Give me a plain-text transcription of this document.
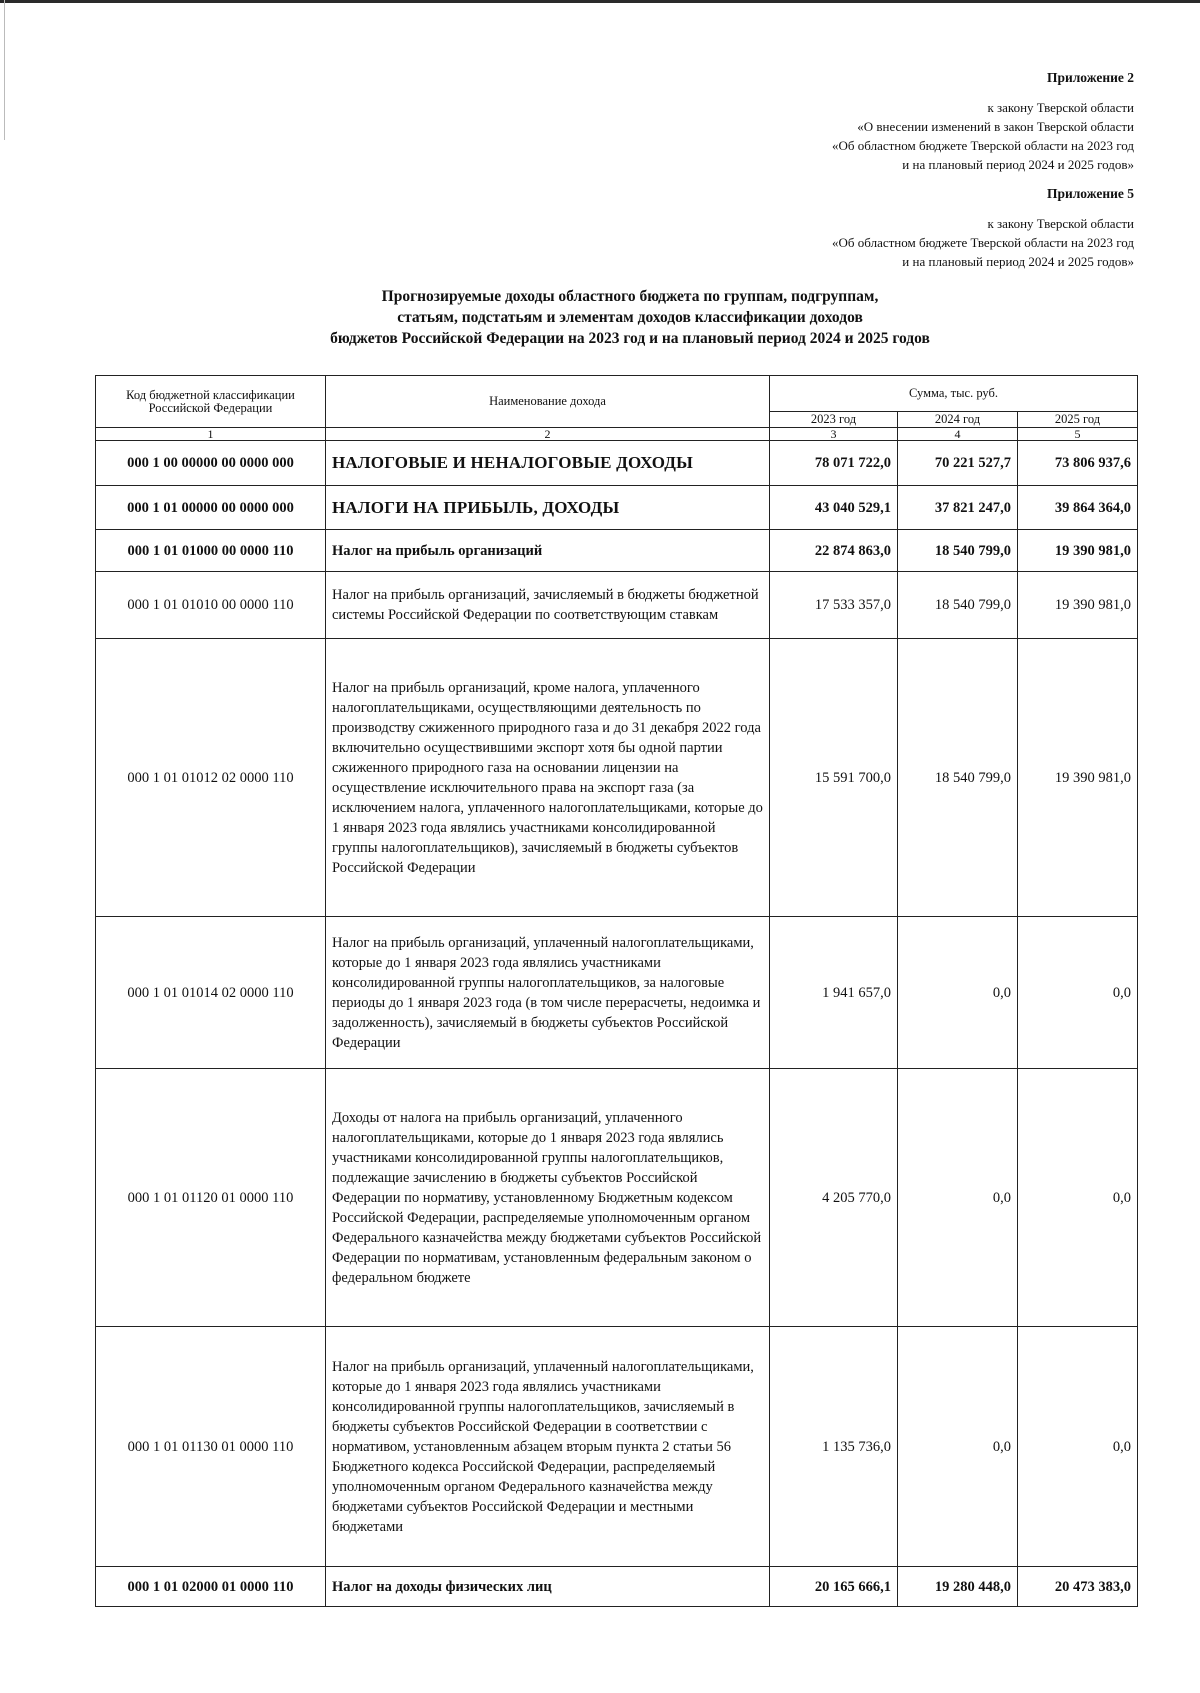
Приложение 2
к закону Тверской области
«О внесении изменений в закон Тверской области
«Об областном бюджете Тверской области на 2023 год
и на плановый период 2024 и 2025 годов»
Приложение 5
к закону Тверской области
«Об областном бюджете Тверской области на 2023 год
и на плановый период 2024 и 2025 годов»
Прогнозируемые доходы областного бюджета по группам, подгруппам,
статьям, подстатьям и элементам доходов классификации доходов
бюджетов Российской Федерации на 2023 год и на плановый период 2024 и 2025 годов
Код бюджетной классификации Российской Федерации	Наименование дохода	Сумма, тыс. руб.		
		2023 год	2024 год	2025 год
1	2	3	4	5
000 1 00 00000 00 0000 000	НАЛОГОВЫЕ И НЕНАЛОГОВЫЕ ДОХОДЫ	78 071 722,0	70 221 527,7	73 806 937,6
000 1 01 00000 00 0000 000	НАЛОГИ НА ПРИБЫЛЬ, ДОХОДЫ	43 040 529,1	37 821 247,0	39 864 364,0
000 1 01 01000 00 0000 110	Налог на прибыль организаций	22 874 863,0	18 540 799,0	19 390 981,0
000 1 01 01010 00 0000 110	Налог на прибыль организаций, зачисляемый в бюджеты бюджетной системы Российской Федерации по соответствующим ставкам	17 533 357,0	18 540 799,0	19 390 981,0
000 1 01 01012 02 0000 110	Налог на прибыль организаций, кроме налога, уплаченного налогоплательщиками, осуществляющими деятельность по производству сжиженного природного газа и до 31 декабря 2022 года включительно осуществившими экспорт хотя бы одной партии сжиженного природного газа на основании лицензии на осуществление исключительного права на экспорт газа (за исключением налога, уплаченного налогоплательщиками, которые до 1 января 2023 года являлись участниками консолидированной группы налогоплательщиков), зачисляемый в бюджеты субъектов Российской Федерации	15 591 700,0	18 540 799,0	19 390 981,0
000 1 01 01014 02 0000 110	Налог на прибыль организаций, уплаченный налогоплательщиками, которые до 1 января 2023 года являлись участниками консолидированной группы налогоплательщиков, за налоговые периоды до 1 января 2023 года (в том числе перерасчеты, недоимка и задолженность), зачисляемый в бюджеты субъектов Российской Федерации	1 941 657,0	0,0	0,0
000 1 01 01120 01 0000 110	Доходы от налога на прибыль организаций, уплаченного налогоплательщиками, которые до 1 января 2023 года являлись участниками консолидированной группы налогоплательщиков, подлежащие зачислению в бюджеты субъектов Российской Федерации по нормативу, установленному Бюджетным кодексом Российской Федерации, распределяемые уполномоченным органом Федерального казначейства между бюджетами субъектов Российской Федерации по нормативам, установленным федеральным законом о федеральном бюджете	4 205 770,0	0,0	0,0
000 1 01 01130 01 0000 110	Налог на прибыль организаций, уплаченный налогоплательщиками, которые до 1 января 2023 года являлись участниками консолидированной группы налогоплательщиков, зачисляемый в бюджеты субъектов Российской Федерации в соответствии с нормативом, установленным абзацем вторым пункта 2 статьи 56 Бюджетного кодекса Российской Федерации, распределяемый уполномоченным органом Федерального казначейства между бюджетами субъектов Российской Федерации и местными бюджетами	1 135 736,0	0,0	0,0
000 1 01 02000 01 0000 110	Налог на доходы физических лиц	20 165 666,1	19 280 448,0	20 473 383,0
